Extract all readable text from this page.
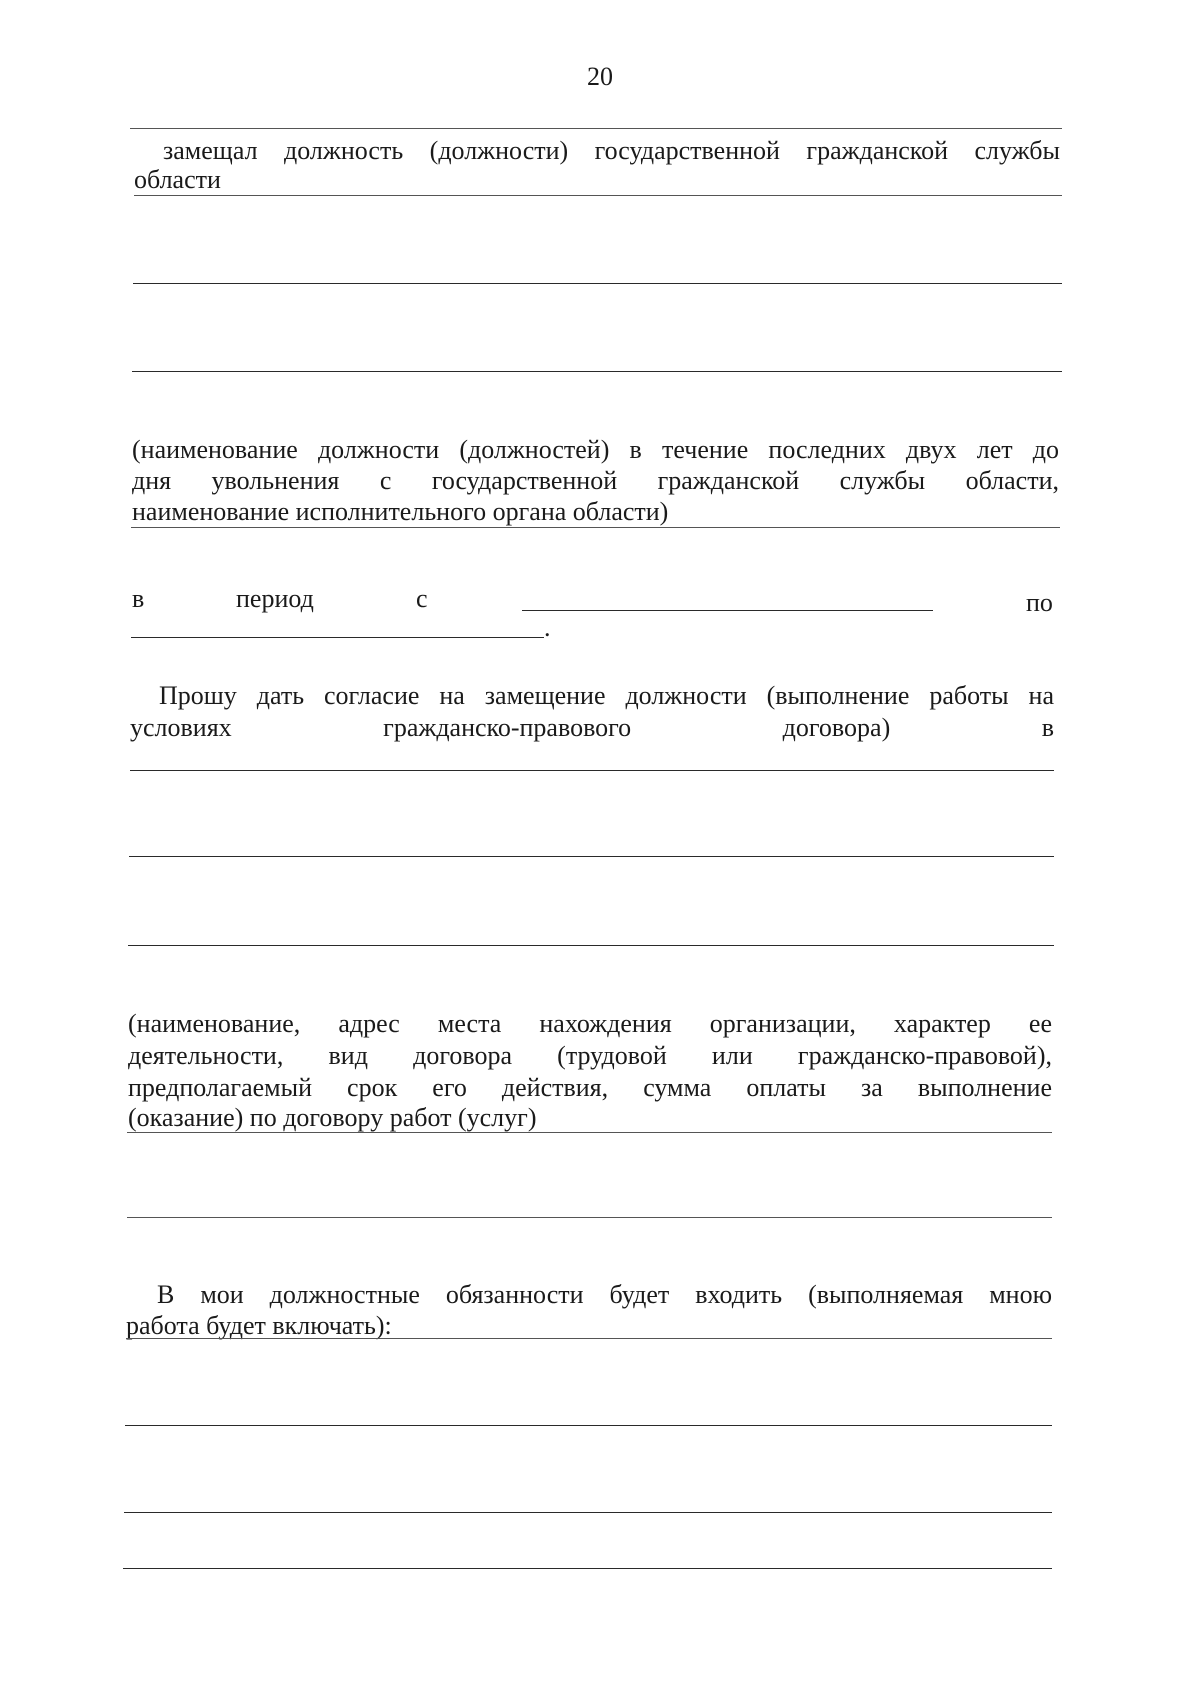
20
замещал должность (должности) государственной гражданской службы
области
(наименование должности (должностей) в течение последних двух лет до
дня увольнения с государственной гражданской службы области,
наименование исполнительного органа области)
в	период	с	по
.
Прошу дать согласие на замещение должности (выполнение работы на
условиях гражданско-правового договора) в
(наименование, адрес места нахождения организации, характер ее
деятельности, вид договора (трудовой или гражданско-правовой),
предполагаемый срок его действия, сумма оплаты за выполнение
(оказание) по договору работ (услуг)
В мои должностные обязанности будет входить (выполняемая мною
работа будет включать):
